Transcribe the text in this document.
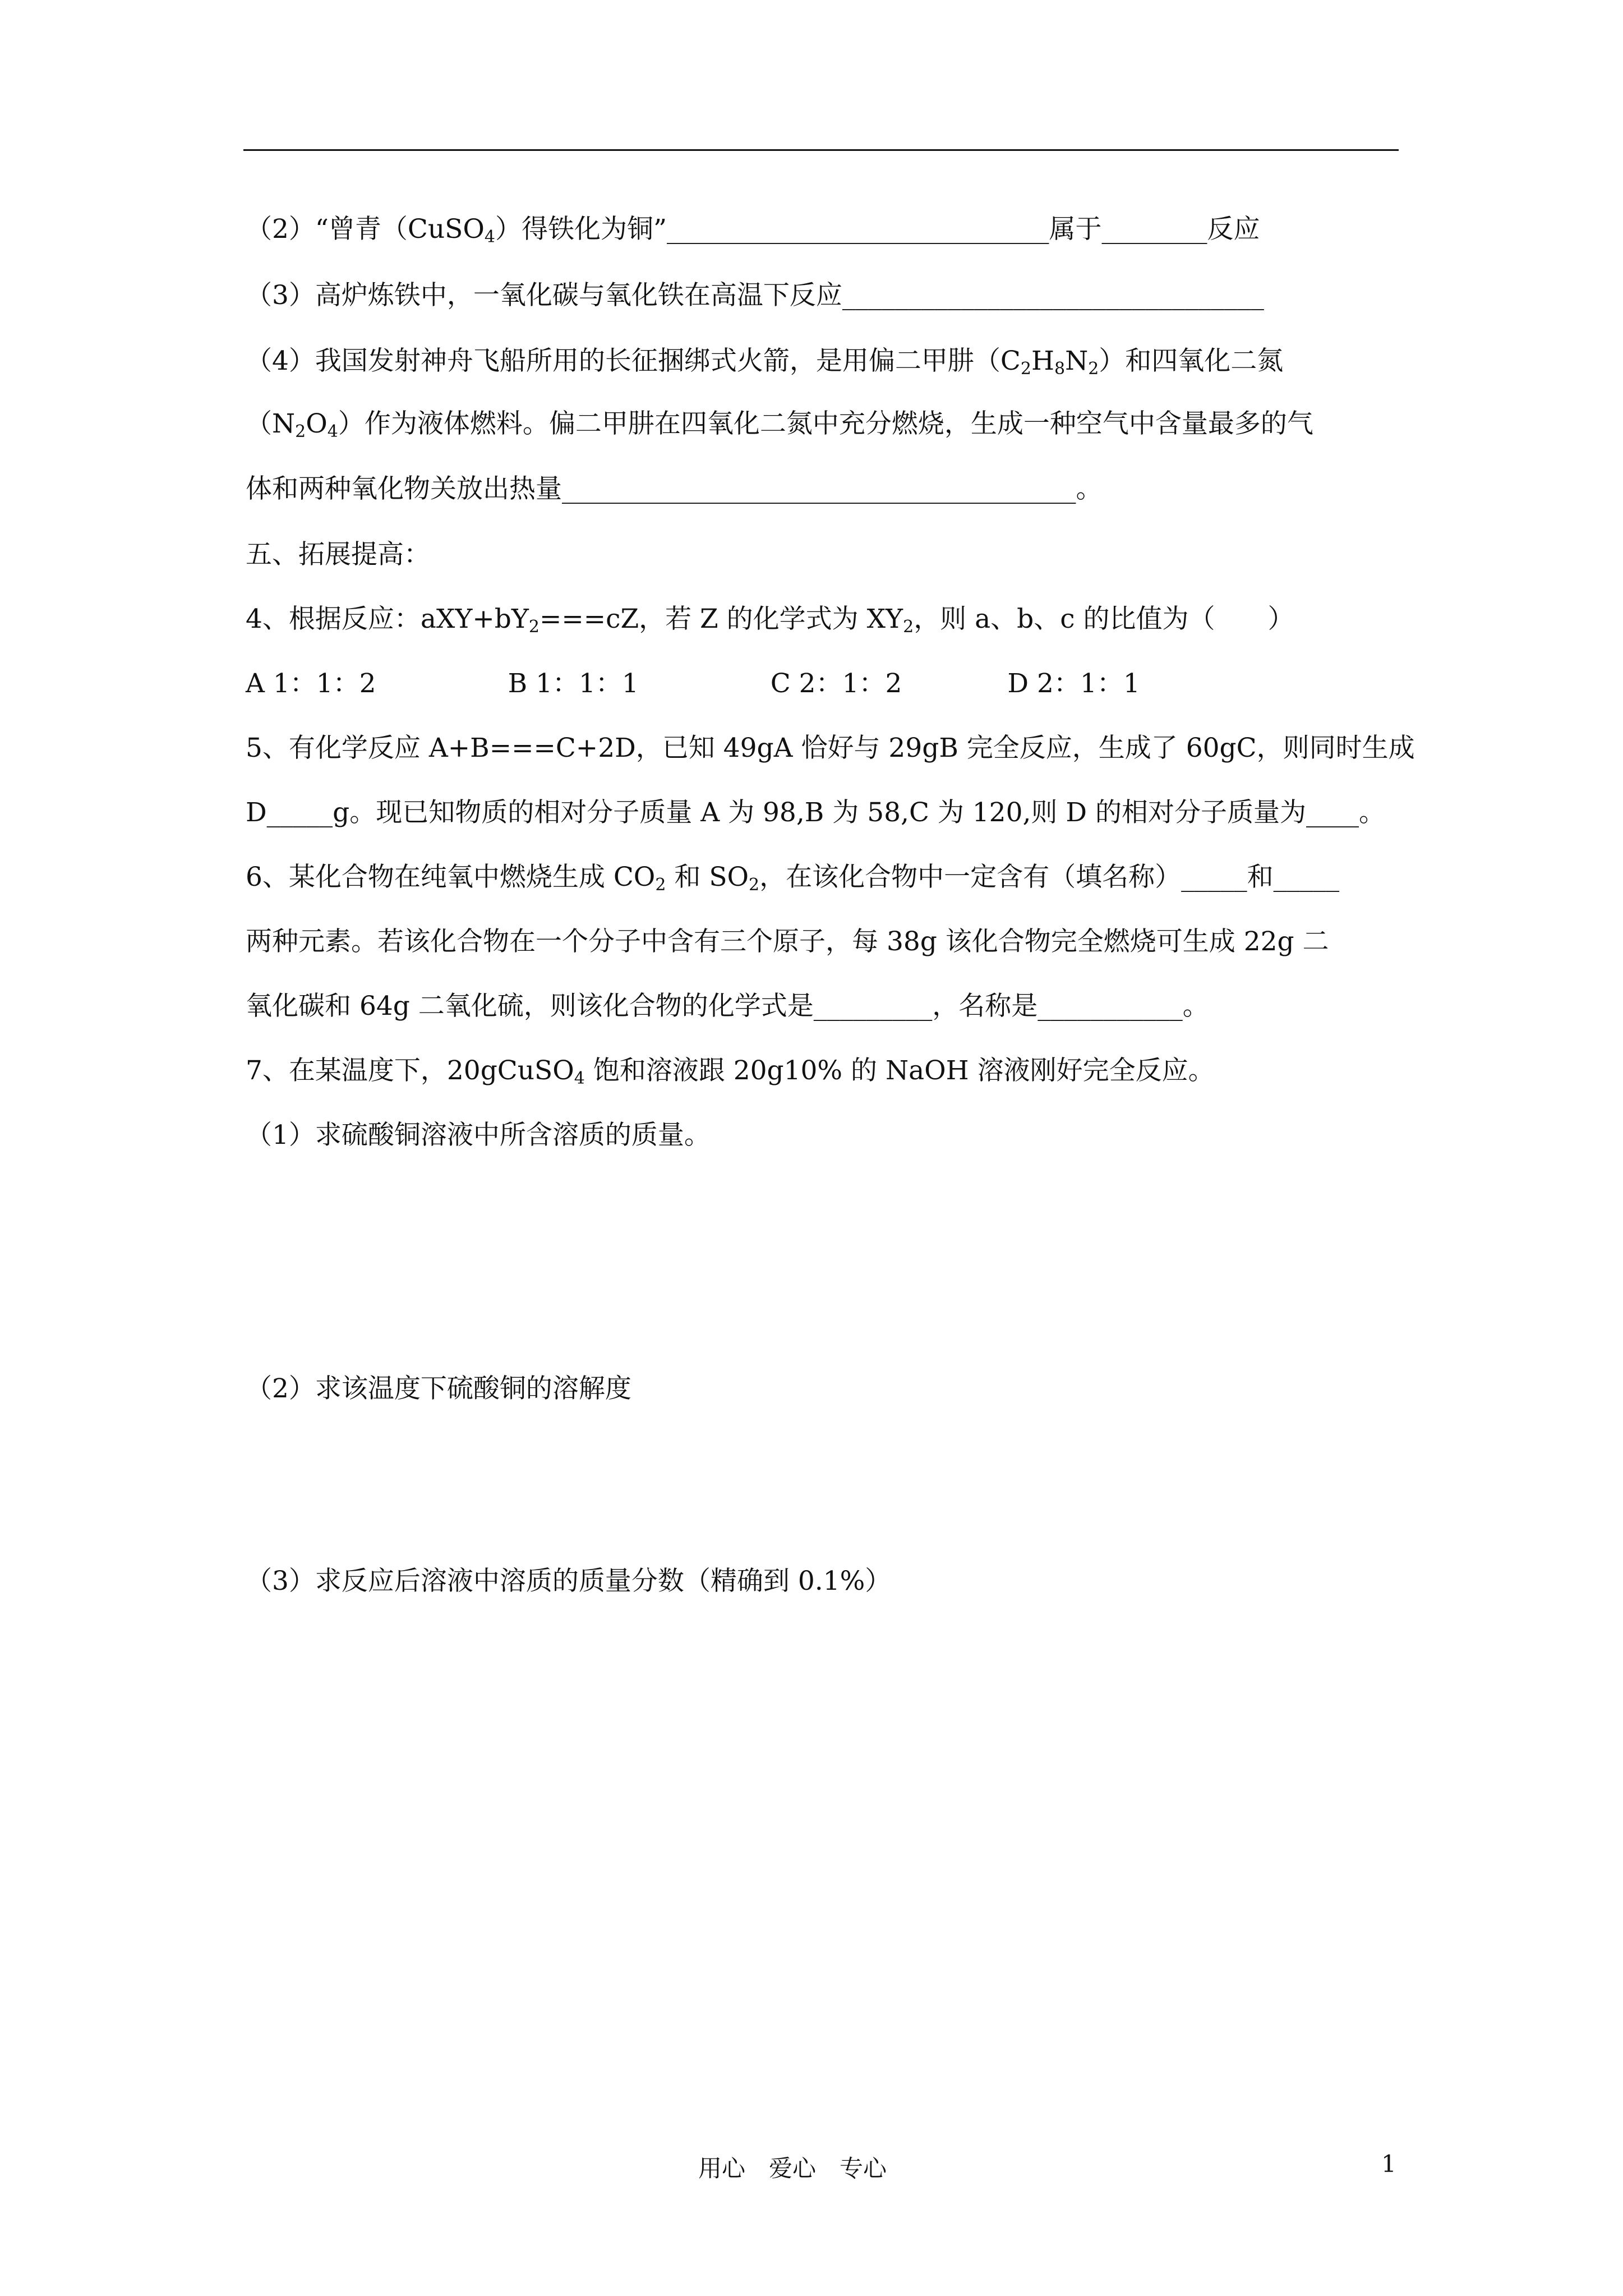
（2）“曾青（CuSO$_4$）得铁化为铜”_____________________________属于________反应
（3）高炉炼铁中，一氧化碳与氧化铁在高温下反应________________________________
（4）我国发射神舟飞船所用的长征捆绑式火箭，是用偏二甲肼$(C_2H_8N_2)$和四氧化二氮
$(N_2O_4)$作为液体燃料。偏二甲肼在四氧化二氮中充分燃烧，生成一种空气中含量最多的气
体和两种氧化物关放出热量_______________________________________。
五、拓展提高：
4、根据反应：$aXY+bY_2===cZ$，若 Z 的化学式为 $XY_2$，则 a、b、c 的比值为（　　）
A 1：1：2　　　　　B 1：1：1　　　　　C 2：1：2　　　　D 2：1：1
5、有化学反应 A+B===C+2D，已知 49gA 恰好与 29gB 完全反应，生成了 60gC，则同时生成
D_____g。现已知物质的相对分子质量 A 为 98,B 为 58,C 为 120,则 D 的相对分子质量为____。
6、某化合物在纯氧中燃烧生成 $CO_2$ 和 $SO_2$，在该化合物中一定含有（填名称）_____和_____
两种元素。若该化合物在一个分子中含有三个原子，每 38g 该化合物完全燃烧可生成 22g 二
氧化碳和 64g 二氧化硫，则该化合物的化学式是_________，名称是___________。
7、在某温度下，20gCuSO$_4$ 饱和溶液跟 20g10% 的 NaOH 溶液刚好完全反应。
（1）求硫酸铜溶液中所含溶质的质量。
（2）求该温度下硫酸铜的溶解度
（3）求反应后溶液中溶质的质量分数（精确到 0.1%）
用心　爱心　专心	1
